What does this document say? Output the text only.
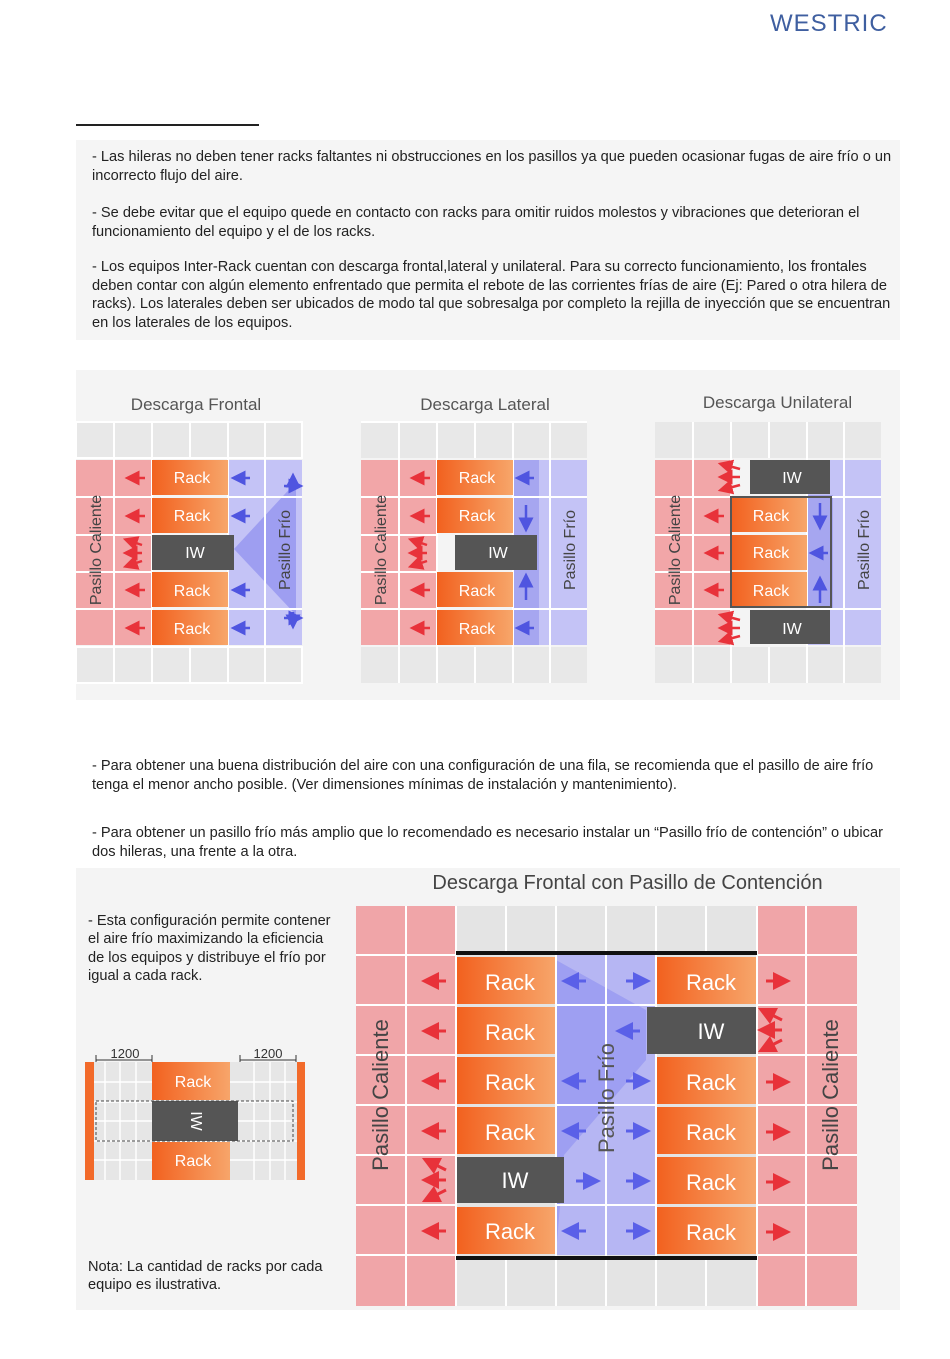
WESTRIC
- Las hileras no deben tener racks faltantes ni obstrucciones en los pasillos ya que pueden ocasionar fugas de aire frío o un incorrecto flujo del aire.
- Se debe evitar que el equipo quede en contacto con racks para omitir ruidos molestos y vibraciones que deterioran el funcionamiento del equipo y el de los racks.
- Los equipos Inter-Rack cuentan con descarga frontal,lateral y unilateral. Para su correcto funcionamiento, los frontales deben contar con algún elemento enfrentado que permita el rebote de las corrientes frías de aire (Ej: Pared o otra hilera de racks). Los laterales deben ser ubicados de modo tal que sobresalga por completo la rejilla de inyección que se encuentran en los laterales de los equipos.
Descarga Frontal	Descarga Lateral	Descarga Unilateral
Rack
Rack
IW
Rack
Rack
Pasillo Caliente	Pasillo Frío
Rack
Rack
IW
Rack
Rack
Pasillo Caliente	Pasillo Frío
IW
Rack
Rack
Rack
IW
Pasillo Caliente	Pasillo Frío
- Para obtener una buena distribución del aire con una configuración de una fila, se recomienda que el pasillo de aire frío tenga el menor ancho posible. (Ver dimensiones mínimas de instalación y mantenimiento).
- Para obtener un pasillo frío más amplio que lo recomendado es necesario instalar un “Pasillo frío de contención” o ubicar dos hileras, una frente a la otra.
Descarga Frontal con Pasillo de Contención
- Esta configuración permite contener el aire frío maximizando la eficiencia de los equipos y distribuye el frío por igual a cada rack.
Nota: La cantidad de racks por cada equipo es ilustrativa.
1200	1200
Rack
Rack
IW
Rack
Rack
Rack
Rack
IW
Rack
Rack
IW
Rack
Rack
Rack
Rack
Pasillo Caliente	Pasillo Caliente
Pasillo Frío
